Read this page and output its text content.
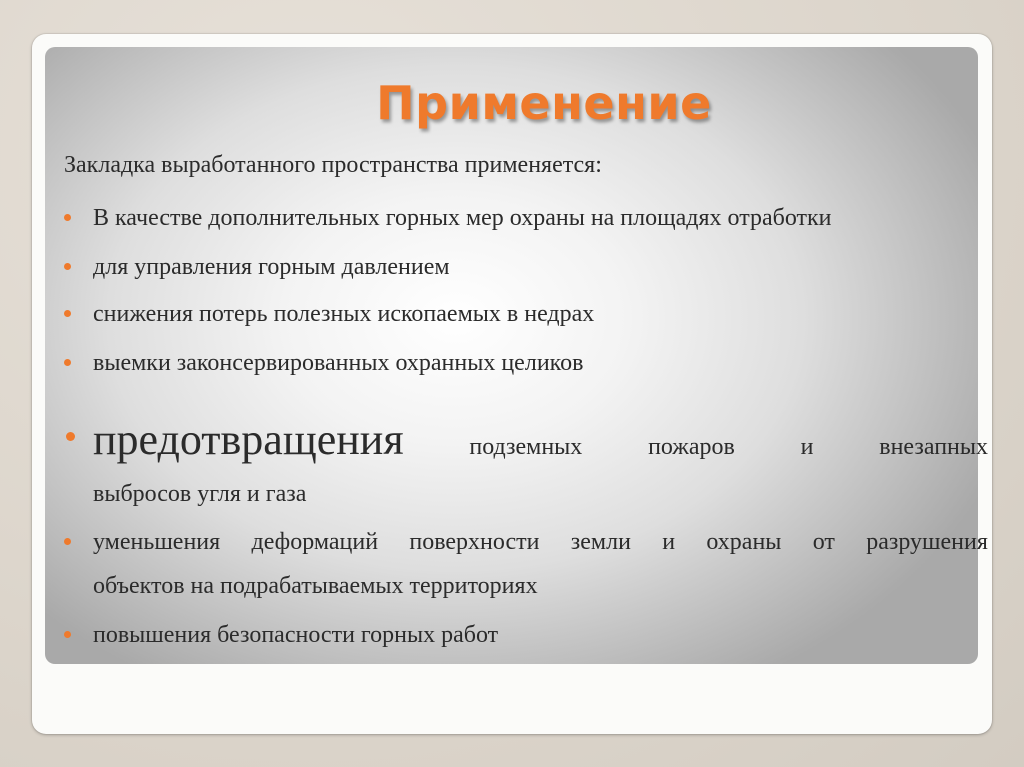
Применение
Закладка выработанного пространства применяется:
В качестве дополнительных горных мер охраны на площадях отработки
для управления горным давлением
снижения потерь полезных ископаемых в недрах
выемки законсервированных охранных целиков
предотвращения	подземных	пожаров	и	внезапных
выбросов угля и газа
уменьшения деформаций поверхности земли и охраны от разрушения
объектов на подрабатываемых территориях
повышения безопасности горных работ
